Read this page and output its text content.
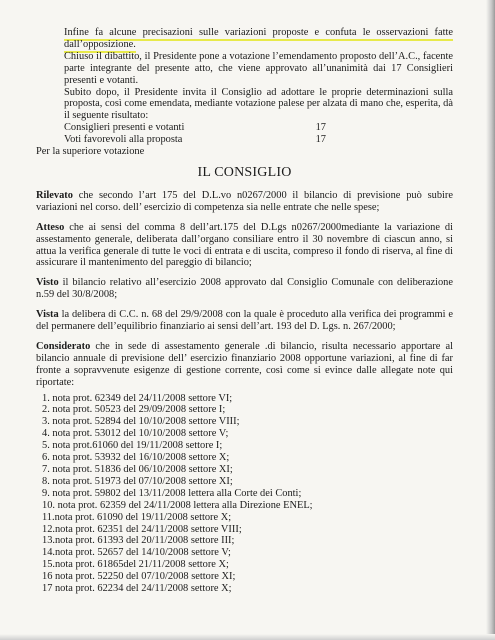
Infine fa alcune precisazioni sulle variazioni proposte e confuta le osservazioni fatte dall’opposizione.

Chiuso il dibattito, il Presidente pone a votazione l’emendamento proposto dell’A.C., facente parte integrante del presente atto, che viene approvato all’unanimità dai 17 Consiglieri presenti e votanti.

Subito dopo, il Presidente invita il Consiglio ad adottare le proprie determinazioni sulla proposta, così come emendata, mediante votazione palese per alzata di mano che, esperita, dà il seguente risultato:

Consiglieri presenti e votanti	17
Voti favorevoli alla proposta	17

Per la superiore votazione

IL CONSIGLIO

Rilevato che secondo l’art 175 del D.L.vo n0267/2000 il bilancio di previsione può subire variazioni nel corso. dell’ esercizio di competenza sia nelle entrate che nelle spese;

Atteso che ai sensi del comma 8 dell’art.175 del D.Lgs n0267/2000mediante la variazione di assestamento generale, deliberata dall’organo consiliare entro il 30 novembre di ciascun anno, si attua la verifica generale di tutte le voci di entrata e di uscita, compreso il fondo di riserva, al fine di assicurare il mantenimento del pareggio di bilancio;

Visto il bilancio relativo all’esercizio 2008 approvato dal Consiglio Comunale con deliberazione n.59 del 30/8/2008;

Vista la delibera di C.C. n. 68 del 29/9/2008 con la quale è proceduto alla verifica dei programmi e del permanere dell’equilibrio finanziario ai sensi dell’art. 193 del D. Lgs. n. 267/2000;

Considerato che in sede di assestamento generale .di bilancio, risulta necessario apportare al bilancio annuale di previsione dell’ esercizio finanziario 2008 opportune variazioni, al fine di far fronte a sopravvenute esigenze di gestione corrente, così come si evince dalle allegate note qui riportate:

1. nota prot. 62349 del 24/11/2008 settore VI;
2. nota prot. 50523 del 29/09/2008 settore I;
3. nota prot. 52894 del 10/10/2008 settore VIII;
4. nota prot. 53012 del 10/10/2008 settore V;
5. nota prot.61060 del 19/11/2008 settore I;
6. nota prot. 53932 del 16/10/2008 settore X;
7. nota prot. 51836 del 06/10/2008 settore XI;
8. nota prot. 51973 del 07/10/2008 settore XI;
9. nota prot. 59802 del 13/11/2008 lettera alla Corte dei Conti;
10. nota prot. 62359 del 24/11/2008 lettera alla Direzione ENEL;
11.nota prot. 61090 del 19/11/2008 settore X;
12.nota prot. 62351 del 24/11/2008 settore VIII;
13.nota prot. 61393 del 20/11/2008 settore III;
14.nota prot. 52657 del 14/10/2008 settore V;
15.nota prot. 61865del 21/11/2008 settore X;
16 nota prot. 52250 del 07/10/2008 settore XI;
17 nota prot. 62234 del 24/11/2008 settore X;
